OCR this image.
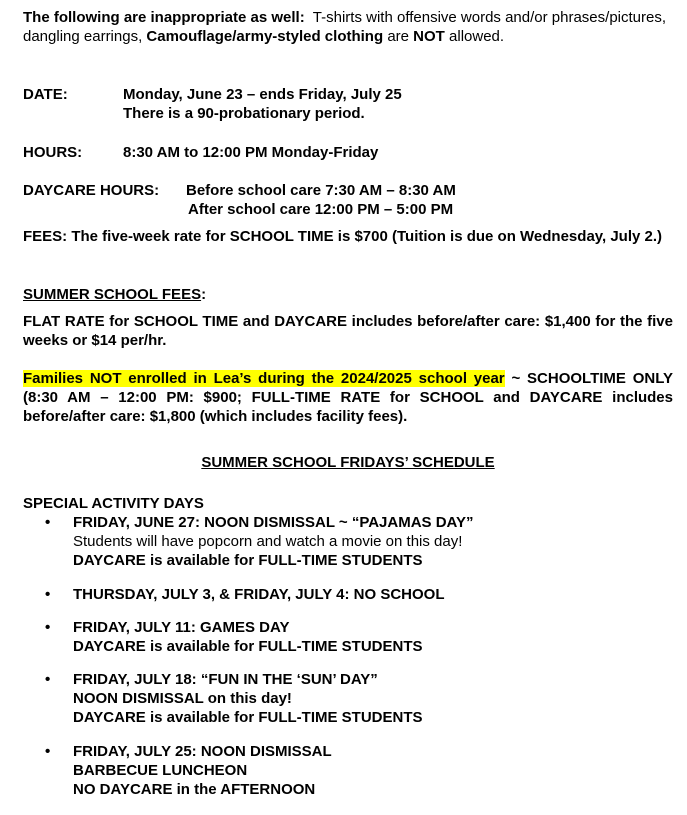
The following are inappropriate as well: T-shirts with offensive words and/or phrases/pictures, dangling earrings, Camouflage/army-styled clothing are NOT allowed.
DATE:	Monday, June 23 – ends Friday, July 25
There is a 90-probationary period.
HOURS:	8:30 AM to 12:00 PM Monday-Friday
DAYCARE HOURS:	Before school care 7:30 AM – 8:30 AM
After school care 12:00 PM – 5:00 PM
FEES: The five-week rate for SCHOOL TIME is $700 (Tuition is due on Wednesday, July 2.)
SUMMER SCHOOL FEES:
FLAT RATE for SCHOOL TIME and DAYCARE includes before/after care: $1,400 for the five weeks or $14 per/hr.
Families NOT enrolled in Lea’s during the 2024/2025 school year ~ SCHOOLTIME ONLY (8:30 AM – 12:00 PM: $900; FULL-TIME RATE for SCHOOL and DAYCARE includes before/after care: $1,800 (which includes facility fees).
SUMMER SCHOOL FRIDAYS’ SCHEDULE
SPECIAL ACTIVITY DAYS
• FRIDAY, JUNE 27: NOON DISMISSAL ~ “PAJAMAS DAY”
Students will have popcorn and watch a movie on this day!
DAYCARE is available for FULL-TIME STUDENTS
• THURSDAY, JULY 3, & FRIDAY, JULY 4: NO SCHOOL
• FRIDAY, JULY 11: GAMES DAY
DAYCARE is available for FULL-TIME STUDENTS
• FRIDAY, JULY 18: “FUN IN THE ‘SUN’ DAY”
NOON DISMISSAL on this day!
DAYCARE is available for FULL-TIME STUDENTS
• FRIDAY, JULY 25: NOON DISMISSAL
BARBECUE LUNCHEON
NO DAYCARE in the AFTERNOON
